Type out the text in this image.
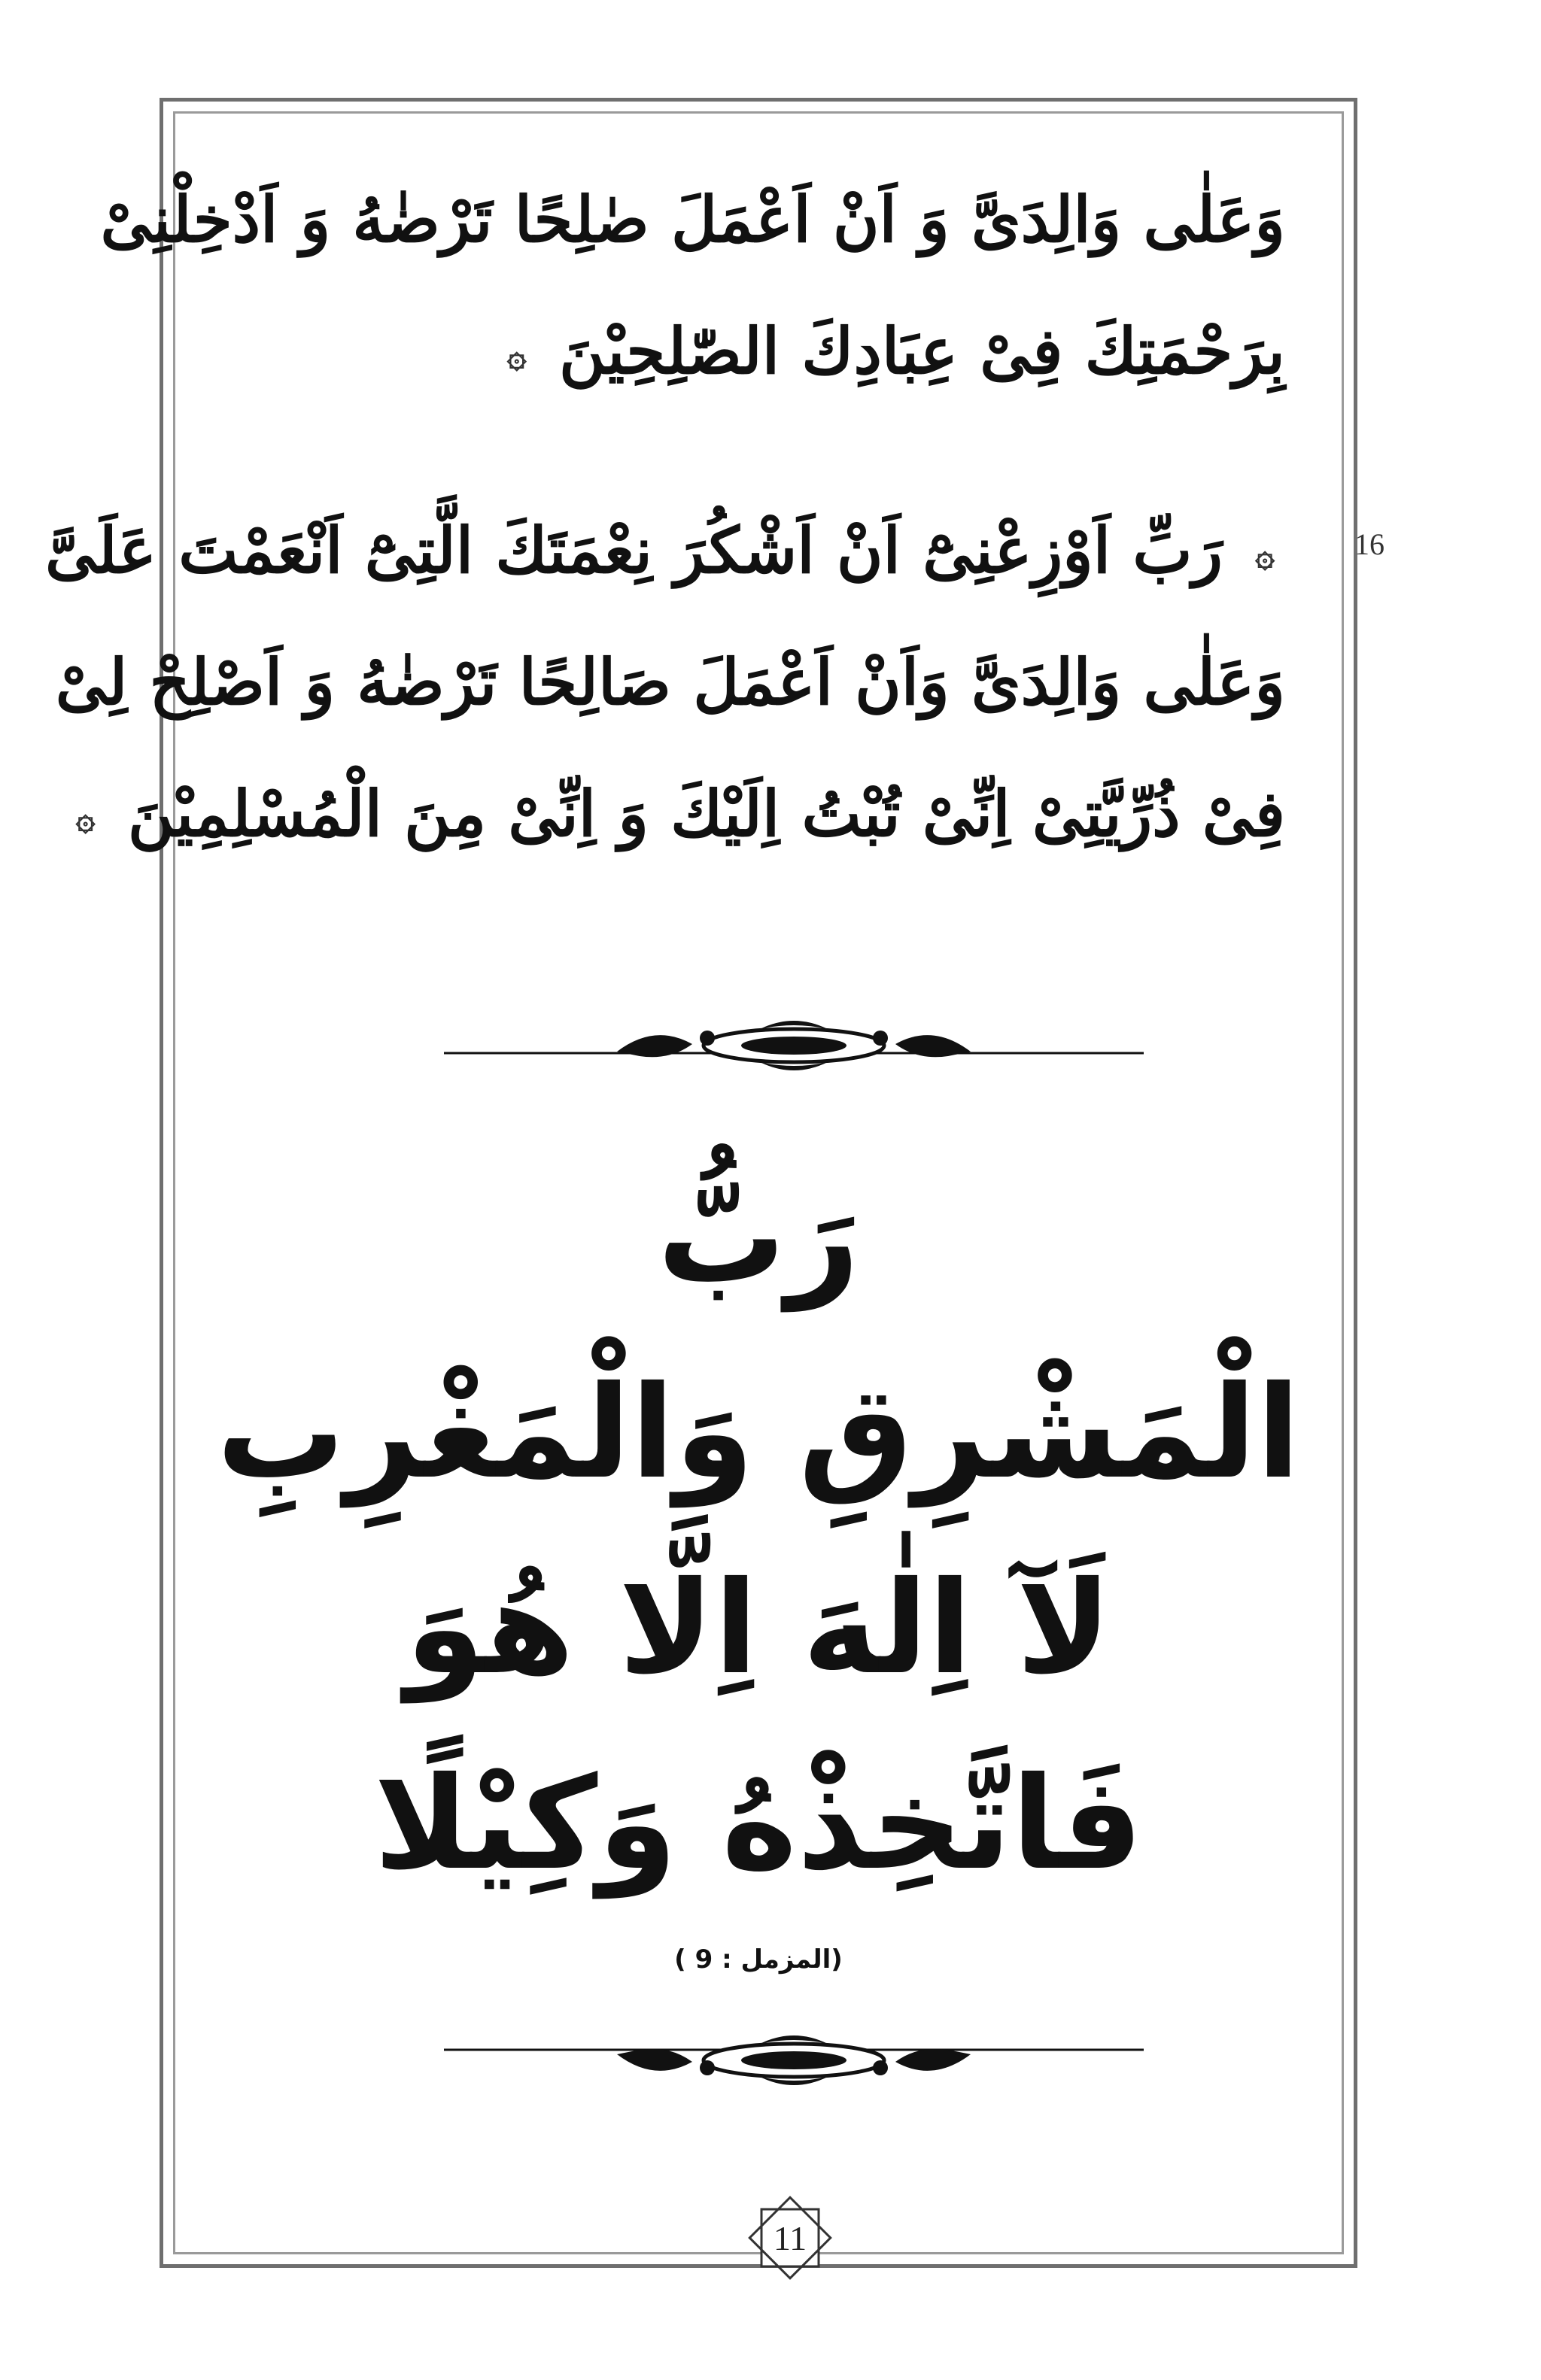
وَعَلٰى وَالِدَىَّ وَ اَنْ اَعْمَلَ صٰلِحًا تَرْضٰهُ وَ اَدْخِلْنِىْ
بِرَحْمَتِكَ فِىْ عِبَادِكَ الصّٰلِحِيْنَ ۞
16
۞ رَبِّ اَوْزِعْنِىْٓ اَنْ اَشْكُرَ نِعْمَتَكَ الَّتِىْٓ اَنْعَمْتَ عَلَىَّ
وَعَلٰى وَالِدَىَّ وَاَنْ اَعْمَلَ صَالِحًا تَرْضٰهُ وَ اَصْلِحْ لِىْ
فِىْ ذُرِّيَّتِىْ اِنِّىْ تُبْتُ اِلَيْكَ وَ اِنِّىْ مِنَ الْمُسْلِمِيْنَ ۞
رَبُّ
الْمَشْرِقِ وَالْمَغْرِبِ
لَآ اِلٰهَ اِلَّا هُوَ
فَاتَّخِذْهُ وَكِيْلًا
(المزمل : 9 )
11
